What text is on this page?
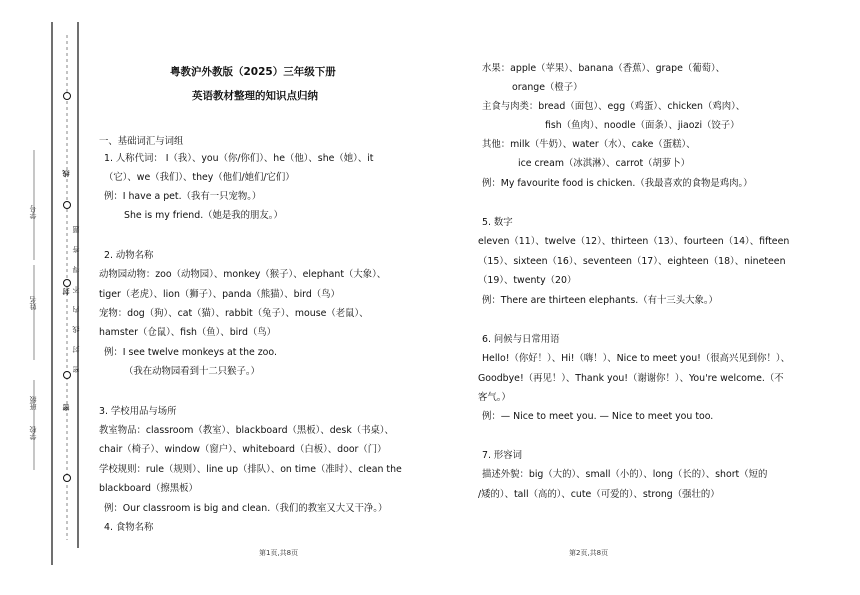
学号
姓名
班级
学校
线
封
密
密
封
线
内
不
得
答
题
粤教沪外教版（2025）三年级下册
英语教材整理的知识点归纳
第1页,共8页
一、基础词汇与词组
1. 人称代词： I（我）、you（你/你们）、he（他）、she（她）、it
（它）、we（我们）、they（他们/她们/它们）
例：I have a pet.（我有一只宠物。）
She is my friend.（她是我的朋友。）
2. 动物名称
动物园动物：zoo（动物园）、monkey（猴子）、elephant（大象）、
tiger（老虎）、lion（狮子）、panda（熊猫）、bird（鸟）
宠物：dog（狗）、cat（猫）、rabbit（兔子）、mouse（老鼠）、
hamster（仓鼠）、fish（鱼）、bird（鸟）
例：I see twelve monkeys at the zoo.
（我在动物园看到十二只猴子。）
3. 学校用品与场所
教室物品：classroom（教室）、blackboard（黑板）、desk（书桌）、
chair（椅子）、window（窗户）、whiteboard（白板）、door（门）
学校规则：rule（规则）、line up（排队）、on time（准时）、clean the
blackboard（擦黑板）
例：Our classroom is big and clean.（我们的教室又大又干净。）
4. 食物名称
第2页,共8页
水果：apple（苹果）、banana（香蕉）、grape（葡萄）、
orange（橙子）
主食与肉类：bread（面包）、egg（鸡蛋）、chicken（鸡肉）、
fish（鱼肉）、noodle（面条）、jiaozi（饺子）
其他：milk（牛奶）、water（水）、cake（蛋糕）、
ice cream（冰淇淋）、carrot（胡萝卜）
例：My favourite food is chicken.（我最喜欢的食物是鸡肉。）
5. 数字
eleven（11）、twelve（12）、thirteen（13）、fourteen（14）、fifteen
（15）、sixteen（16）、seventeen（17）、eighteen（18）、nineteen
（19）、twenty（20）
例：There are thirteen elephants.（有十三头大象。）
6. 问候与日常用语
Hello!（你好！）、Hi!（嗨！）、Nice to meet you!（很高兴见到你！）、
Goodbye!（再见！）、Thank you!（谢谢你！）、You're welcome.（不
客气。）
例：— Nice to meet you. — Nice to meet you too.
7. 形容词
描述外貌：big（大的）、small（小的）、long（长的）、short（短的
/矮的）、tall（高的）、cute（可爱的）、strong（强壮的）
